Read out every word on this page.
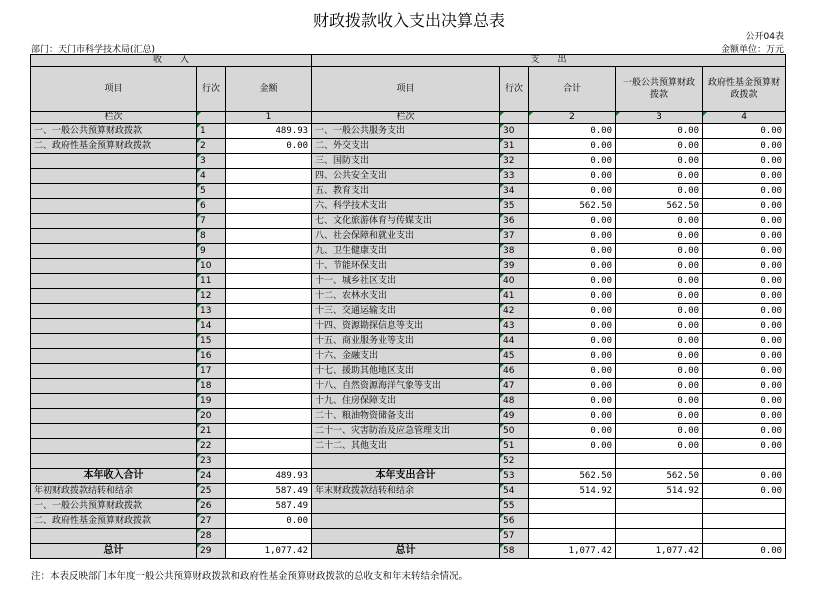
财政拨款收入支出决算总表
公开04表
部门：天门市科学技术局(汇总)	金额单位：万元
收　　入			支　　出				
项目	行次	金额	项目	行次	合计	一般公共预算财政拨款	政府性基金预算财政拨款
栏次		1	栏次		2	3	4
一、一般公共预算财政拨款	1	489.93	一、一般公共服务支出	30	0.00	0.00	0.00
二、政府性基金预算财政拨款	2	0.00	二、外交支出	31	0.00	0.00	0.00
	3		三、国防支出	32	0.00	0.00	0.00
	4		四、公共安全支出	33	0.00	0.00	0.00
	5		五、教育支出	34	0.00	0.00	0.00
	6		六、科学技术支出	35	562.50	562.50	0.00
	7		七、文化旅游体育与传媒支出	36	0.00	0.00	0.00
	8		八、社会保障和就业支出	37	0.00	0.00	0.00
	9		九、卫生健康支出	38	0.00	0.00	0.00
	10		十、节能环保支出	39	0.00	0.00	0.00
	11		十一、城乡社区支出	40	0.00	0.00	0.00
	12		十二、农林水支出	41	0.00	0.00	0.00
	13		十三、交通运输支出	42	0.00	0.00	0.00
	14		十四、资源勘探信息等支出	43	0.00	0.00	0.00
	15		十五、商业服务业等支出	44	0.00	0.00	0.00
	16		十六、金融支出	45	0.00	0.00	0.00
	17		十七、援助其他地区支出	46	0.00	0.00	0.00
	18		十八、自然资源海洋气象等支出	47	0.00	0.00	0.00
	19		十九、住房保障支出	48	0.00	0.00	0.00
	20		二十、粮油物资储备支出	49	0.00	0.00	0.00
	21		二十一、灾害防治及应急管理支出	50	0.00	0.00	0.00
	22		二十二、其他支出	51	0.00	0.00	0.00
	23			52			
本年收入合计	24	489.93	本年支出合计	53	562.50	562.50	0.00
年初财政拨款结转和结余	25	587.49	年末财政拨款结转和结余	54	514.92	514.92	0.00
一、一般公共预算财政拨款	26	587.49		55			
二、政府性基金预算财政拨款	27	0.00		56			
	28			57			
总计	29	1,077.42	总计	58	1,077.42	1,077.42	0.00
注：本表反映部门本年度一般公共预算财政拨款和政府性基金预算财政拨款的总收支和年末转结余情况。
